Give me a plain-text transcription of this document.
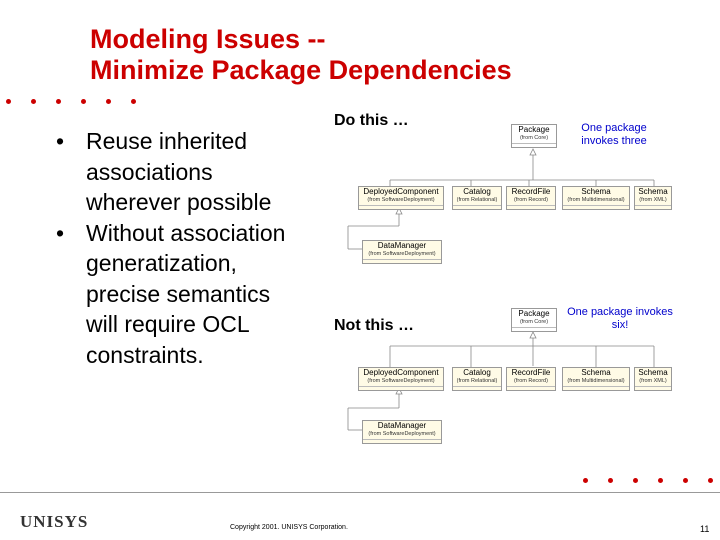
Modeling Issues --
Minimize Package Dependencies
• Reuse inherited associations wherever possible
• Without association generatization, precise semantics will require OCL constraints.
Do this …
Not this …
One package invokes three
One package invokes six!
Package
(from Core)
DeployedComponent
(from SoftwareDeployment)
Catalog
(from Relational)
RecordFile
(from Record)
Schema
(from Multidimensional)
Schema
(from XML)
DataManager
(from SoftwareDeployment)
Package
(from Core)
DeployedComponent
(from SoftwareDeployment)
Catalog
(from Relational)
RecordFile
(from Record)
Schema
(from Multidimensional)
Schema
(from XML)
DataManager
(from SoftwareDeployment)
UNISYS	Copyright 2001. UNISYS Corporation.	11
